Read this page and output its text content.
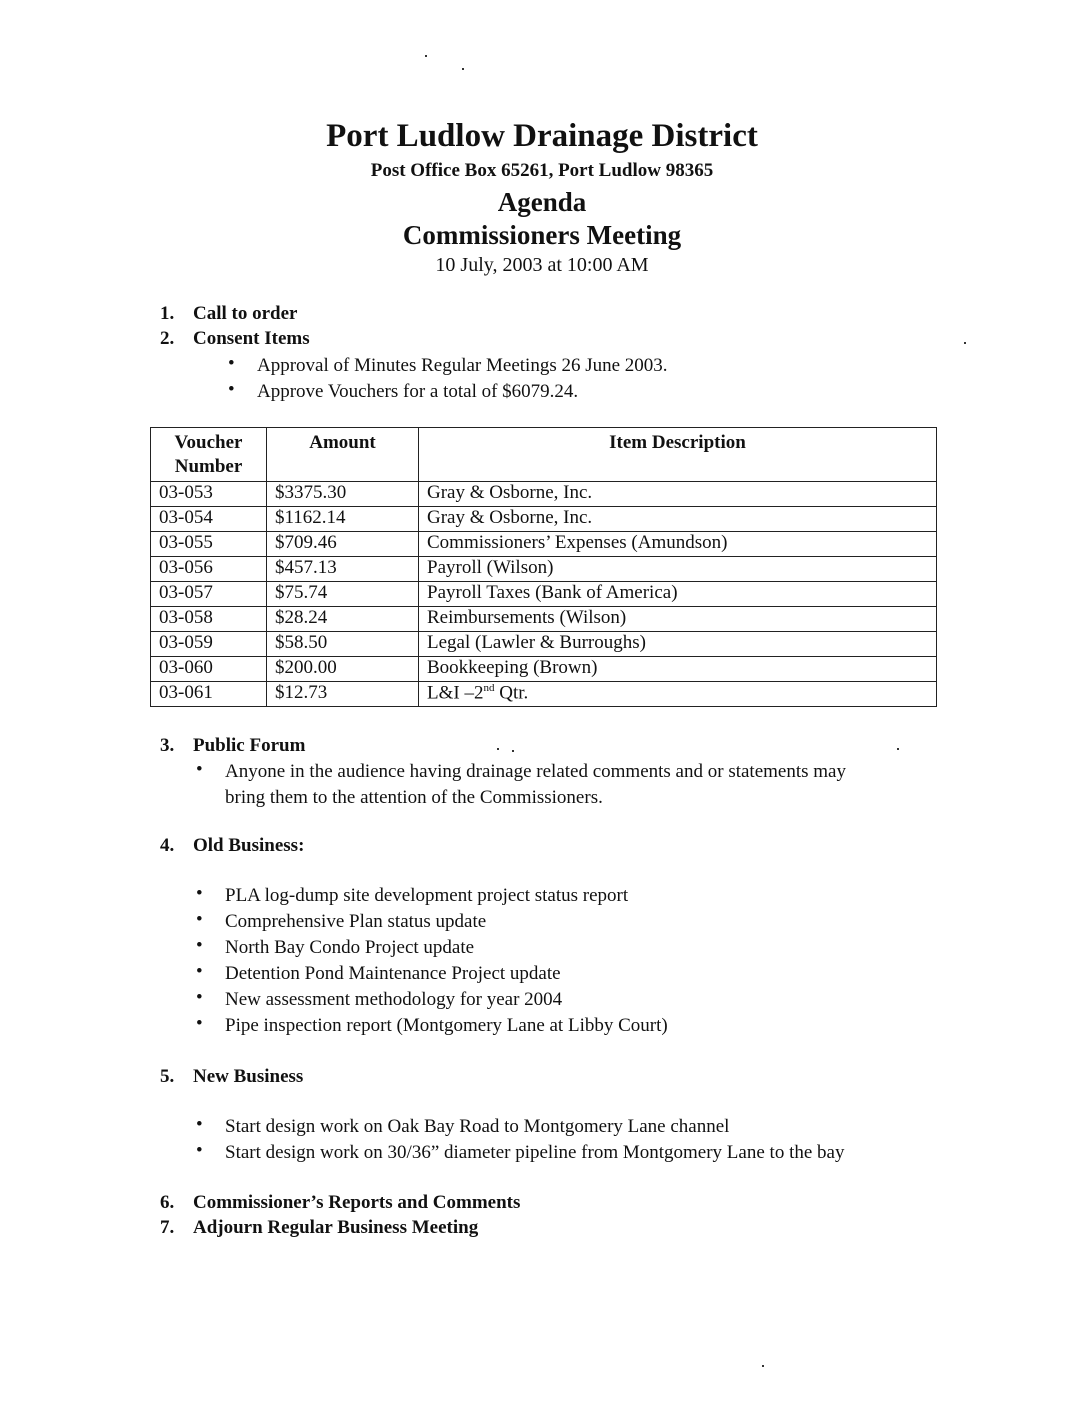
Port Ludlow Drainage District
Post Office Box 65261, Port Ludlow 98365
Agenda
Commissioners Meeting
10 July, 2003 at 10:00 AM
1. Call to order
2. Consent Items
• Approval of Minutes Regular Meetings 26 June 2003.
• Approve Vouchers for a total of $6079.24.
Voucher
Number	Amount	Item Description
03-053	$3375.30	Gray & Osborne, Inc.
03-054	$1162.14	Gray & Osborne, Inc.
03-055	$709.46	Commissioners’ Expenses (Amundson)
03-056	$457.13	Payroll (Wilson)
03-057	$75.74	Payroll Taxes (Bank of America)
03-058	$28.24	Reimbursements (Wilson)
03-059	$58.50	Legal (Lawler & Burroughs)
03-060	$200.00	Bookkeeping (Brown)
03-061	$12.73	L&I –2nd Qtr.
3. Public Forum
• Anyone in the audience having drainage related comments and or statements may
bring them to the attention of the Commissioners.
4. Old Business:
• PLA log-dump site development project status report
• Comprehensive Plan status update
• North Bay Condo Project update
• Detention Pond Maintenance Project update
• New assessment methodology for year 2004
• Pipe inspection report (Montgomery Lane at Libby Court)
5. New Business
• Start design work on Oak Bay Road to Montgomery Lane channel
• Start design work on 30/36” diameter pipeline from Montgomery Lane to the bay
6. Commissioner’s Reports and Comments
7. Adjourn Regular Business Meeting
